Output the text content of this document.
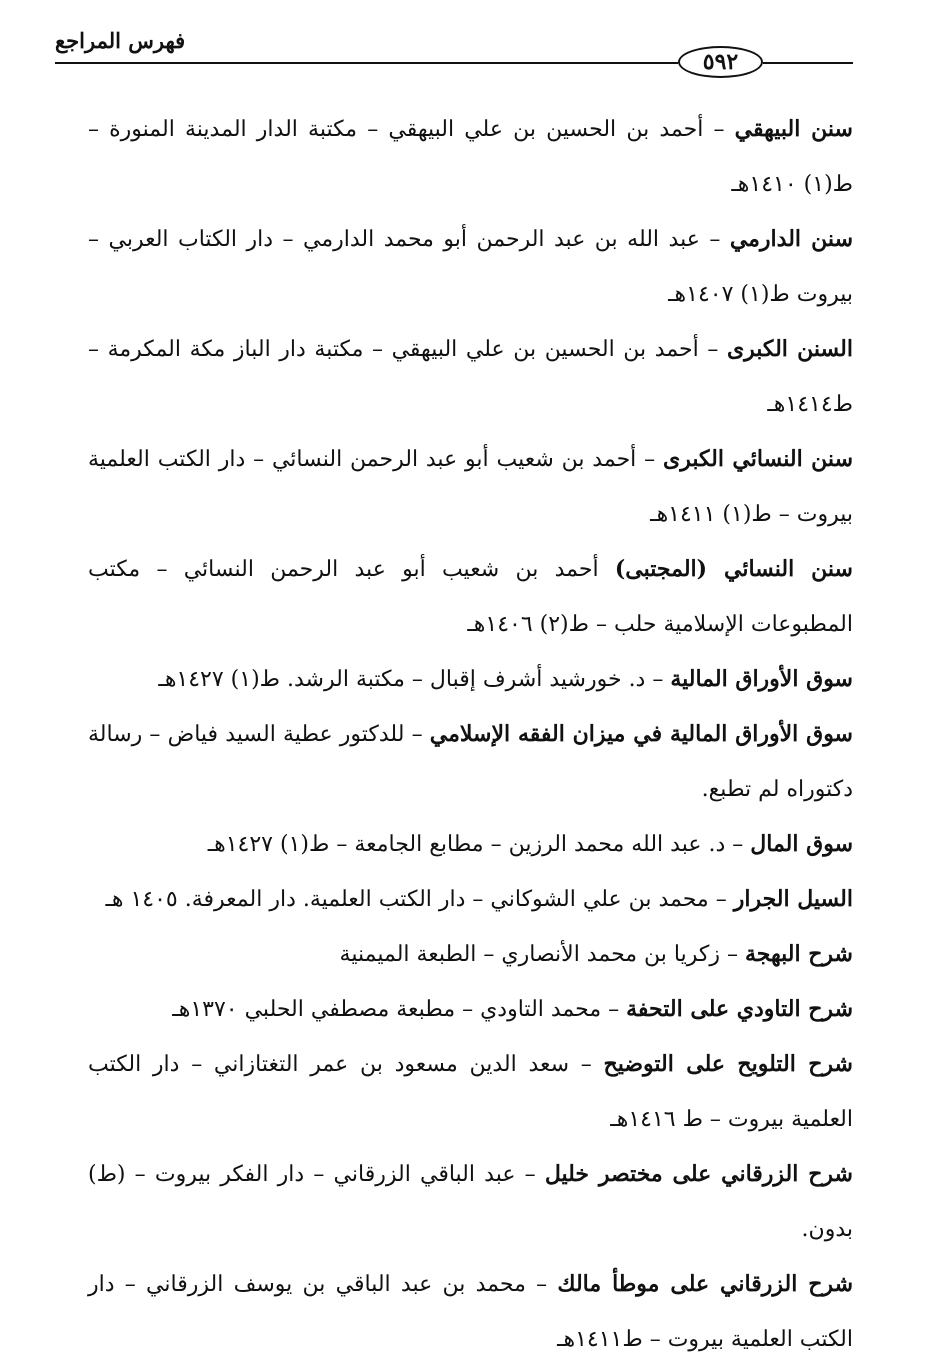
٥٩٢
فهرس المراجع

سنن البيهقي – أحمد بن الحسين بن علي البيهقي – مكتبة الدار المدينة المنورة – ط(١) ١٤١٠هـ

سنن الدارمي – عبد الله بن عبد الرحمن أبو محمد الدارمي – دار الكتاب العربي – بيروت ط(١) ١٤٠٧هـ

السنن الكبرى – أحمد بن الحسين بن علي البيهقي – مكتبة دار الباز مكة المكرمة – ط١٤١٤هـ

سنن النسائي الكبرى – أحمد بن شعيب أبو عبد الرحمن النسائي – دار الكتب العلمية بيروت – ط(١) ١٤١١هـ

سنن النسائي (المجتبى) أحمد بن شعيب أبو عبد الرحمن النسائي – مكتب المطبوعات الإسلامية حلب – ط(٢) ١٤٠٦هـ

سوق الأوراق المالية – د. خورشيد أشرف إقبال – مكتبة الرشد. ط(١) ١٤٢٧هـ

سوق الأوراق المالية في ميزان الفقه الإسلامي – للدكتور عطية السيد فياض – رسالة دكتوراه لم تطبع.

سوق المال – د. عبد الله محمد الرزين – مطابع الجامعة – ط(١) ١٤٢٧هـ

السيل الجرار – محمد بن علي الشوكاني – دار الكتب العلمية. دار المعرفة. ١٤٠٥ هـ

شرح البهجة – زكريا بن محمد الأنصاري – الطبعة الميمنية

شرح التاودي على التحفة – محمد التاودي – مطبعة مصطفي الحلبي ١٣٧٠هـ

شرح التلويح على التوضيح – سعد الدين مسعود بن عمر التغتازاني – دار الكتب العلمية بيروت – ط ١٤١٦هـ

شرح الزرقاني على مختصر خليل – عبد الباقي الزرقاني – دار الفكر بيروت – (ط) بدون.

شرح الزرقاني على موطأ مالك – محمد بن عبد الباقي بن يوسف الزرقاني – دار الكتب العلمية بيروت – ط١٤١١هـ
